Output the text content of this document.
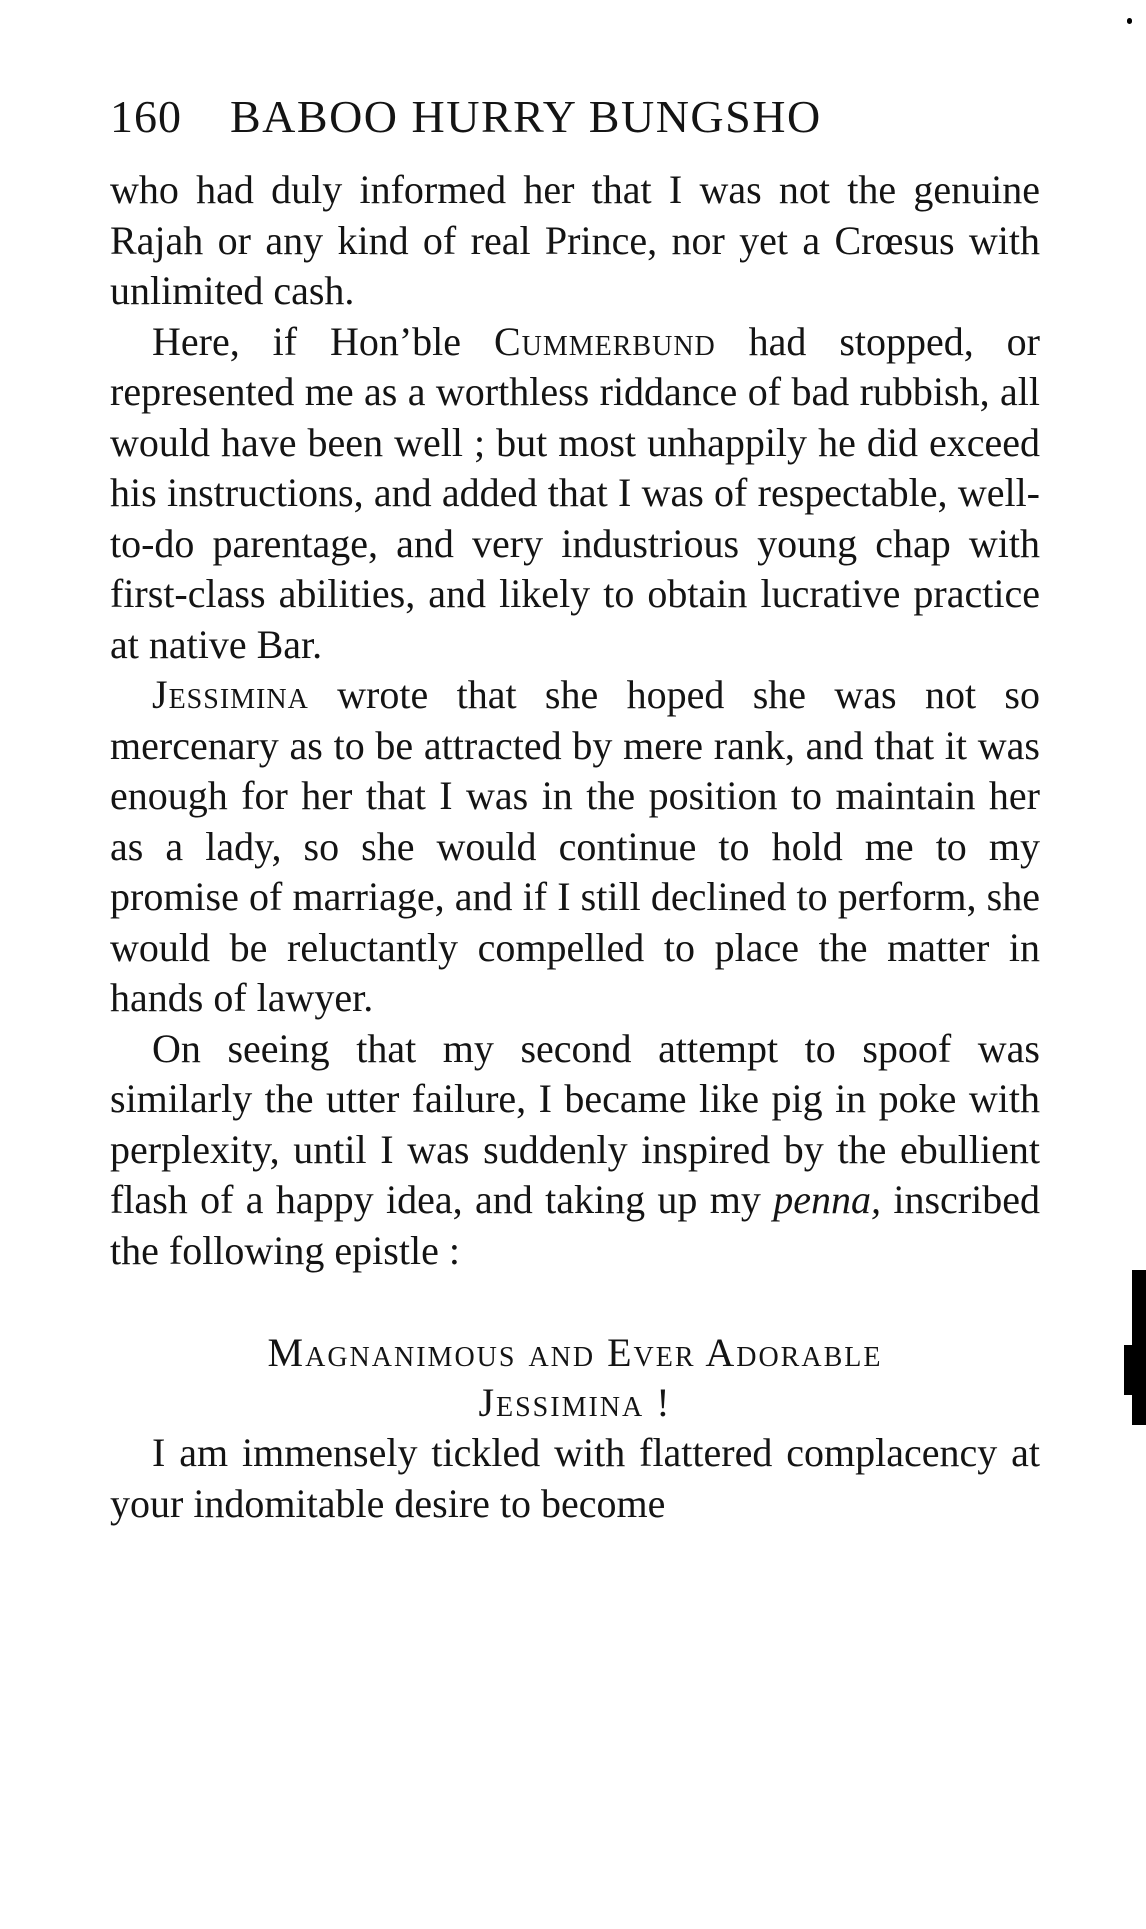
160	BABOO HURRY BUNGSHO

who had duly informed her that I was not the genuine Rajah or any kind of real Prince, nor yet a Crœsus with unlimited cash.

Here, if Hon’ble Cummerbund had stopped, or represented me as a worthless riddance of bad rubbish, all would have been well ; but most unhappily he did exceed his instructions, and added that I was of respectable, well-to-do parentage, and very industrious young chap with first-class abilities, and likely to obtain lucrative practice at native Bar.

Jessimina wrote that she hoped she was not so mercenary as to be attracted by mere rank, and that it was enough for her that I was in the position to maintain her as a lady, so she would continue to hold me to my promise of marriage, and if I still declined to perform, she would be reluctantly compelled to place the matter in hands of lawyer.

On seeing that my second attempt to spoof was similarly the utter failure, I became like pig in poke with perplexity, until I was suddenly inspired by the ebullient flash of a happy idea, and taking up my penna, inscribed the following epistle :

Magnanimous and Ever Adorable
Jessimina !

I am immensely tickled with flattered complacency at your indomitable desire to become
